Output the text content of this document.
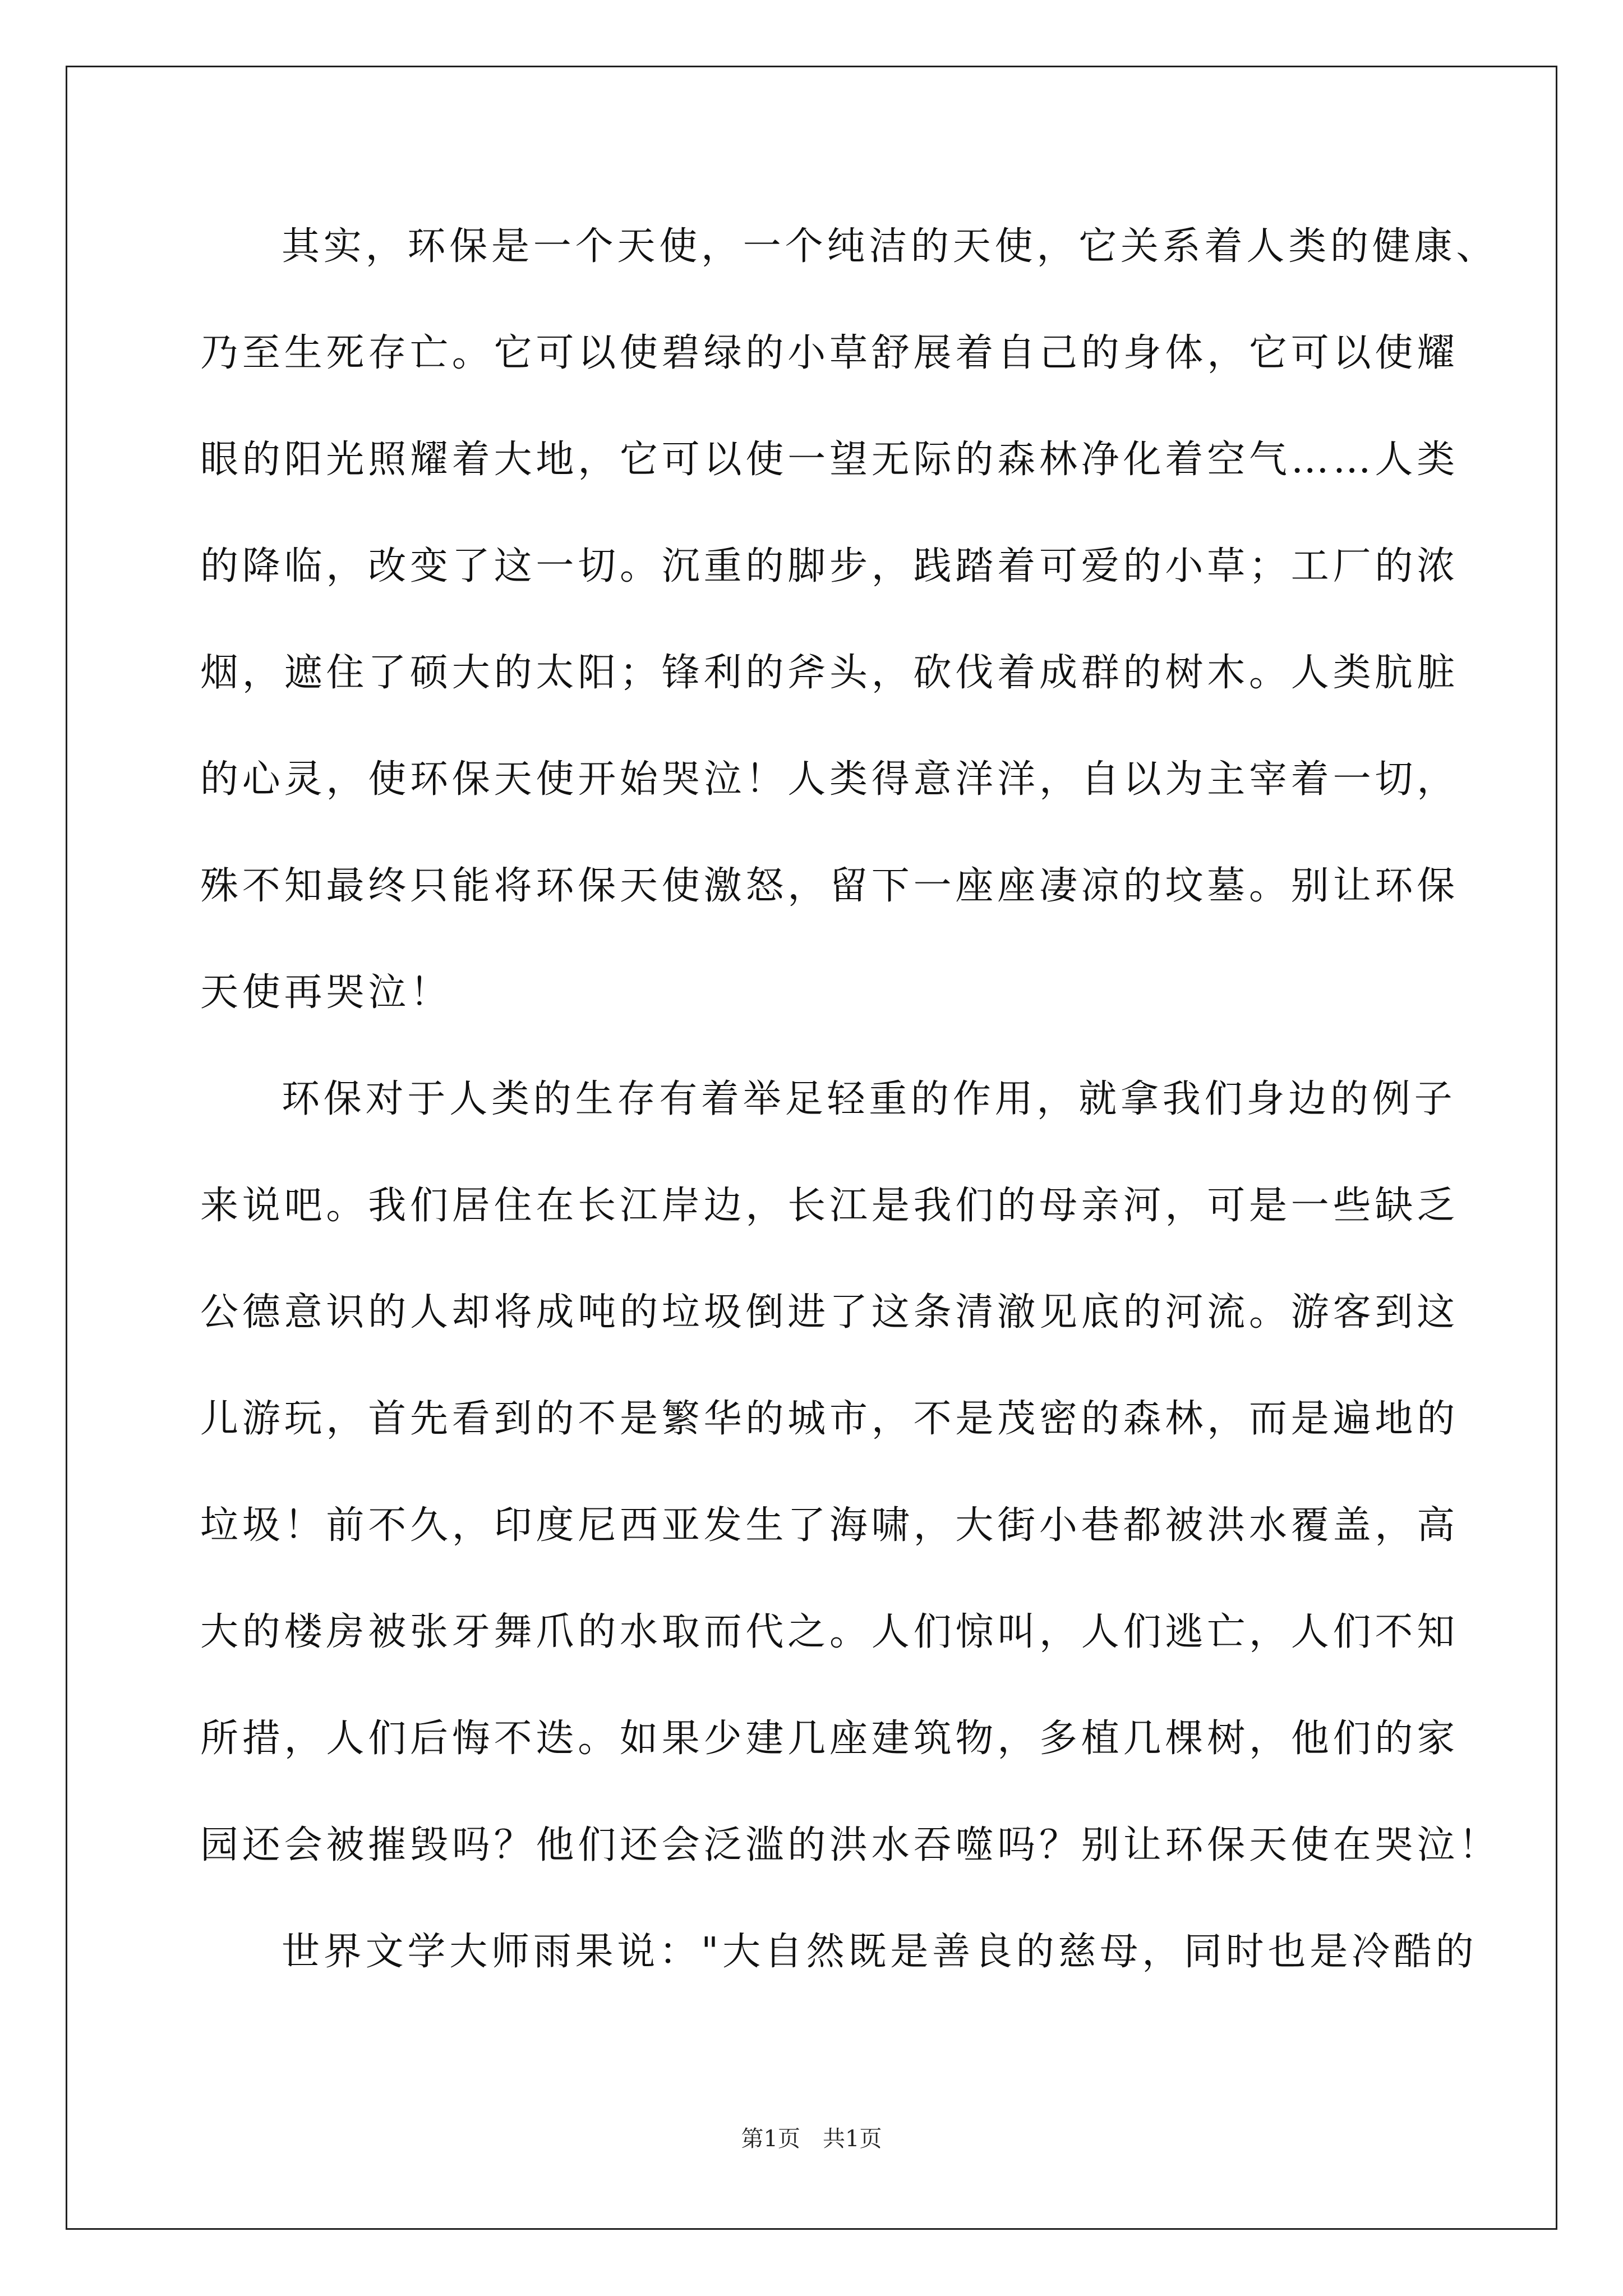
其实，环保是一个天使，一个纯洁的天使，它关系着人类的健康、
乃至生死存亡。它可以使碧绿的小草舒展着自己的身体，它可以使耀
眼的阳光照耀着大地，它可以使一望无际的森林净化着空气……人类
的降临，改变了这一切。沉重的脚步，践踏着可爱的小草；工厂的浓
烟，遮住了硕大的太阳；锋利的斧头，砍伐着成群的树木。人类肮脏
的心灵，使环保天使开始哭泣！人类得意洋洋，自以为主宰着一切，
殊不知最终只能将环保天使激怒，留下一座座凄凉的坟墓。别让环保
天使再哭泣！
环保对于人类的生存有着举足轻重的作用，就拿我们身边的例子
来说吧。我们居住在长江岸边，长江是我们的母亲河，可是一些缺乏
公德意识的人却将成吨的垃圾倒进了这条清澈见底的河流。游客到这
儿游玩，首先看到的不是繁华的城市，不是茂密的森林，而是遍地的
垃圾！前不久，印度尼西亚发生了海啸，大街小巷都被洪水覆盖，高
大的楼房被张牙舞爪的水取而代之。人们惊叫，人们逃亡，人们不知
所措，人们后悔不迭。如果少建几座建筑物，多植几棵树，他们的家
园还会被摧毁吗？他们还会泛滥的洪水吞噬吗？别让环保天使在哭泣！
世界文学大师雨果说："大自然既是善良的慈母，同时也是冷酷的
第1页　共1页
